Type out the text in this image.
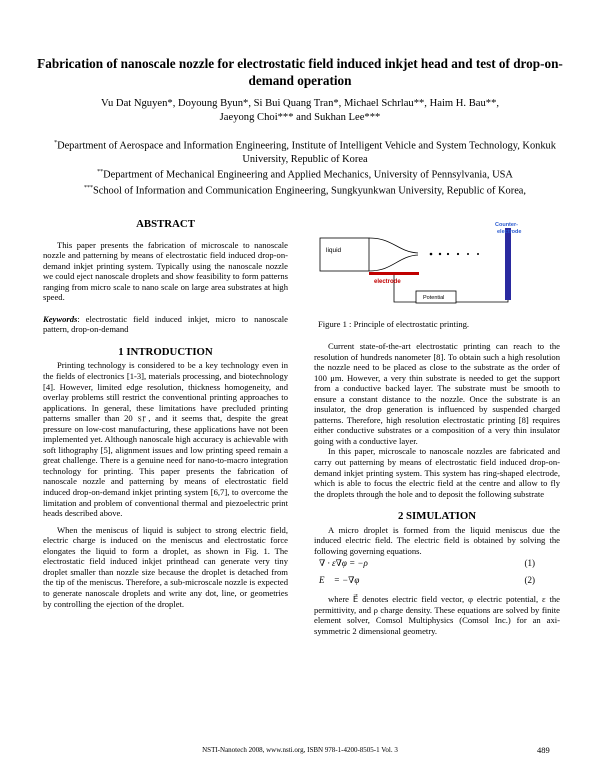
Fabrication of nanoscale nozzle for electrostatic field induced inkjet head and test of drop-on-demand operation
Vu Dat Nguyen*, Doyoung Byun*, Si Bui Quang Tran*, Michael Schrlau**, Haim H. Bau**,
Jaeyong Choi*** and Sukhan Lee***
*Department of Aerospace and Information Engineering, Institute of Intelligent Vehicle and System Technology, Konkuk University, Republic of Korea
**Department of Mechanical Engineering and Applied Mechanics, University of Pennsylvania, USA
***School of Information and Communication Engineering, Sungkyunkwan University, Republic of Korea,
ABSTRACT

This paper presents the fabrication of microscale to nanoscale nozzle and patterning by means of electrostatic field induced drop-on-demand inkjet printing system. Typically using the nanoscale nozzle we could eject nanoscale droplets and show feasibility to form patterns ranging from micro scale to nano scale on large area substrates at high speed.

Keywords: electrostatic field induced inkjet, micro to nanoscale pattern, drop-on-demand

1 INTRODUCTION

Printing technology is considered to be a key technology even in the fields of electronics [1-3], materials processing, and biotechnology [4]. However, limited edge resolution, thickness homogeneity, and overlay problems still restrict the conventional printing approaches to applications. In general, these limitations have precluded printing patterns smaller than 20 ㏛, and it seems that, despite the great pressure on low-cost manufacturing, these applications have not been implemented yet. Although nanoscale high accuracy is achievable with soft lithography [5], alignment issues and low printing speed remain a great challenge. There is a genuine need for nano-to-macro integration technology for printing. This paper presents the fabrication of nanoscale nozzle and patterning by means of electrostatic field induced drop-on-demand inkjet printing system [6,7], to overcome the limitation and problem of conventional thermal and piezoelectric print heads described above.

When the meniscus of liquid is subject to strong electric field, electric charge is induced on the meniscus and electrostatic force elongates the liquid to form a droplet, as shown in Fig. 1. The electrostatic field induced inkjet printhead can generate very tiny droplet smaller than nozzle size because the droplet is detached from the tip of the meniscus. Therefore, a sub-microscale nozzle is expected to generate nanoscale droplets and write any dot, line, or geometries by controlling the ejection of the droplet.

liquid
electrode
Counter-
electrode
Potential
Figure 1 : Principle of electrostatic printing.

Current state-of-the-art electrostatic printing can reach to the resolution of hundreds nanometer [8]. To obtain such a high resolution the nozzle need to be placed as close to the substrate as the order of 100 μm. However, a very thin substrate is needed to get the support from a conductive backed layer. The substrate must be smooth to ensure a constant distance to the nozzle. Once the substrate is an insulator, the drop generation is influenced by suspended charged patterns. Therefore, high resolution electrostatic printing [8] requires either conductive substrates or a composition of a very thin insulator going with a conductive layer.

In this paper, microscale to nanoscale nozzles are fabricated and carry out patterning by means of electrostatic field induced drop-on-demand inkjet printing system. This system has ring-shaped electrode, which is able to focus the electric field at the centre and allow to fly the droplets through the hole and to deposit the following substrate

2 SIMULATION

A micro droplet is formed from the liquid meniscus due the induced electric field. The electric field is obtained by solving the following governing equations.

∇ · ε∇φ = −ρ	(1)
E⃗ = −∇φ	(2)

where E⃗ denotes electric field vector, φ electric potential, ε the permittivity, and ρ charge density. These equations are solved by finite element solver, Comsol Multiphysics (Comsol Inc.) for an axi-symmetric 2 dimensional geometry.

NSTI-Nanotech 2008, www.nsti.org, ISBN 978-1-4200-8505-1 Vol. 3	489
